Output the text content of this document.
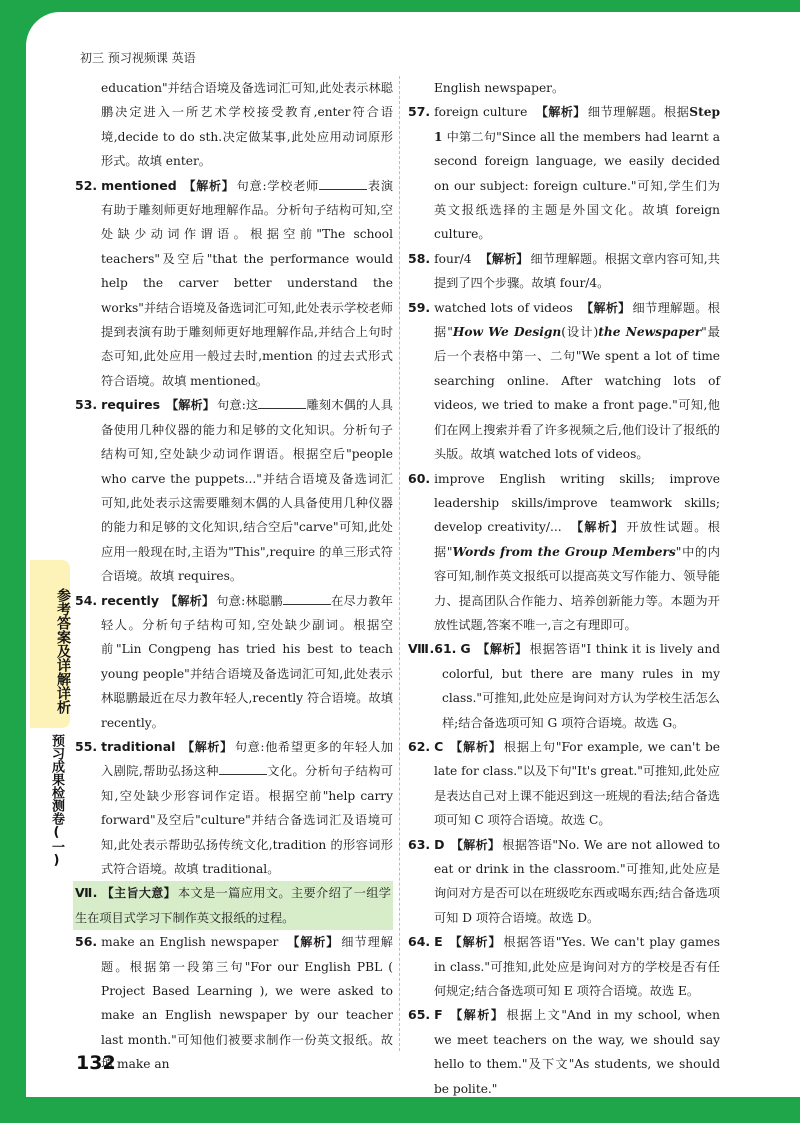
初三 预习视频课 英语

education"并结合语境及备选词汇可知,此处表示林聪鹏决定进入一所艺术学校接受教育,enter符合语境,decide to do sth.决定做某事,此处应用动词原形形式。故填 enter。

52. mentioned 【解析】 句意:学校老师	表演有助于雕刻师更好地理解作品。分析句子结构可知,空处缺少动词作谓语。根据空前"The school teachers"及空后"that the performance would help the carver better understand the works"并结合语境及备选词汇可知,此处表示学校老师提到表演有助于雕刻师更好地理解作品,并结合上句时态可知,此处应用一般过去时,mention 的过去式形式符合语境。故填 mentioned。

53. requires 【解析】 句意:这	雕刻木偶的人具备使用几种仪器的能力和足够的文化知识。分析句子结构可知,空处缺少动词作谓语。根据空后"people who carve the puppets..."并结合语境及备选词汇可知,此处表示这需要雕刻木偶的人具备使用几种仪器的能力和足够的文化知识,结合空后"carve"可知,此处应用一般现在时,主语为"This",require 的单三形式符合语境。故填 requires。

54. recently 【解析】 句意:林聪鹏	在尽力教年轻人。分析句子结构可知,空处缺少副词。根据空前"Lin Congpeng has tried his best to teach young people"并结合语境及备选词汇可知,此处表示林聪鹏最近在尽力教年轻人,recently 符合语境。故填 recently。

55. traditional 【解析】 句意:他希望更多的年轻人加入剧院,帮助弘扬这种	文化。分析句子结构可知,空处缺少形容词作定语。根据空前"help carry forward"及空后"culture"并结合备选词汇及语境可知,此处表示帮助弘扬传统文化,tradition 的形容词形式符合语境。故填 traditional。

Ⅶ. 【主旨大意】 本文是一篇应用文。主要介绍了一组学生在项目式学习下制作英文报纸的过程。

56. make an English newspaper 【解析】 细节理解题。根据第一段第三句"For our English PBL ( Project Based Learning ), we were asked to make an English newspaper by our teacher last month."可知他们被要求制作一份英文报纸。故填 make an

English newspaper。

57. foreign culture 【解析】 细节理解题。根据Step 1 中第二句"Since all the members had learnt a second foreign language, we easily decided on our subject: foreign culture."可知,学生们为英文报纸选择的主题是外国文化。故填 foreign culture。

58. four/4 【解析】 细节理解题。根据文章内容可知,共提到了四个步骤。故填 four/4。

59. watched lots of videos 【解析】 细节理解题。根据"How We Design(设计)the Newspaper"最后一个表格中第一、二句"We spent a lot of time searching online. After watching lots of videos, we tried to make a front page."可知,他们在网上搜索并看了许多视频之后,他们设计了报纸的头版。故填 watched lots of videos。

60. improve English writing skills; improve leadership skills/improve teamwork skills; develop creativity/... 【解析】 开放性试题。根据"Words from the Group Members"中的内容可知,制作英文报纸可以提高英文写作能力、领导能力、提高团队合作能力、培养创新能力等。本题为开放性试题,答案不唯一,言之有理即可。

Ⅷ.61. G 【解析】 根据答语"I think it is lively and colorful, but there are many rules in my class."可推知,此处应是询问对方认为学校生活怎么样;结合备选项可知 G 项符合语境。故选 G。

62. C 【解析】 根据上句"For example, we can't be late for class."以及下句"It's great."可推知,此处应是表达自己对上课不能迟到这一班规的看法;结合备选项可知 C 项符合语境。故选 C。

63. D 【解析】 根据答语"No. We are not allowed to eat or drink in the classroom."可推知,此处应是询问对方是否可以在班级吃东西或喝东西;结合备选项可知 D 项符合语境。故选 D。

64. E 【解析】 根据答语"Yes. We can't play games in class."可推知,此处应是询问对方的学校是否有任何规定;结合备选项可知 E 项符合语境。故选 E。

65. F 【解析】 根据上文"And in my school, when we meet teachers on the way, we should say hello to them."及下文"As students, we should be polite."

参考答案及详解详析
预习成果检测卷(一)
132
